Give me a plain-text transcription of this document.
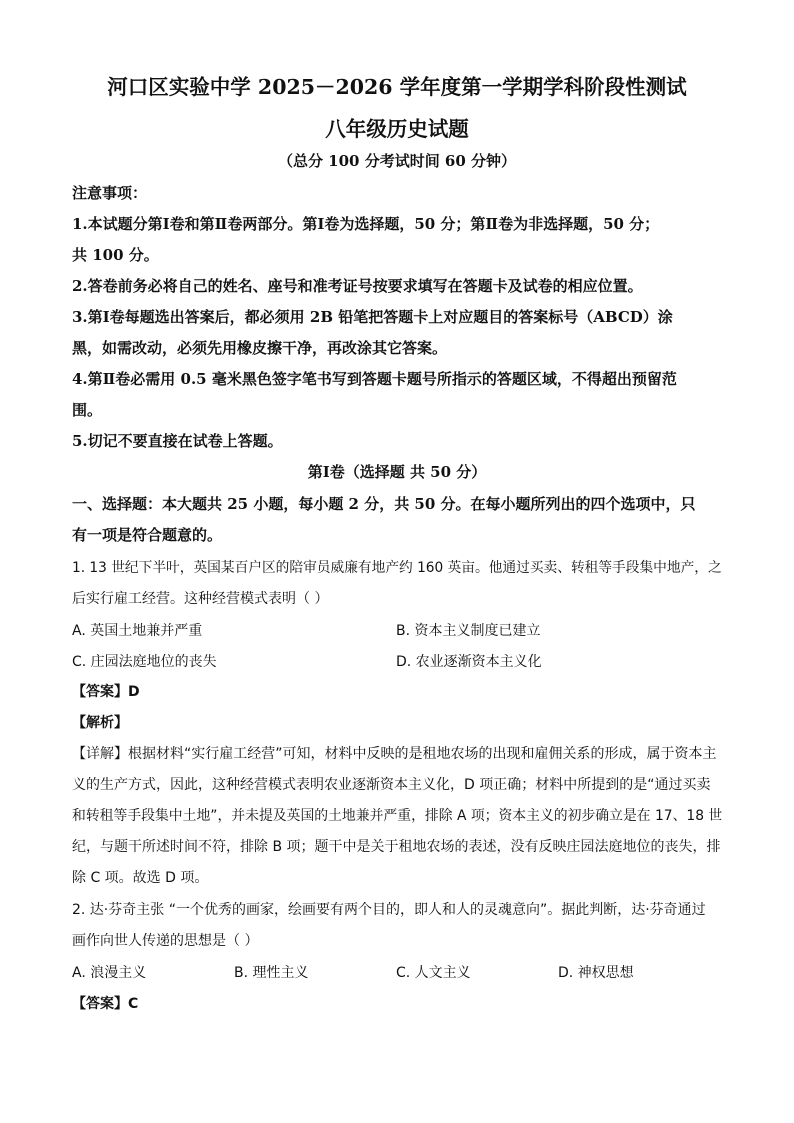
河口区实验中学 2025－2026 学年度第一学期学科阶段性测试
八年级历史试题
（总分 100 分考试时间 60 分钟）
注意事项：
1.本试题分第Ⅰ卷和第Ⅱ卷两部分。第Ⅰ卷为选择题，50 分；第Ⅱ卷为非选择题，50 分；
共 100 分。
2.答卷前务必将自己的姓名、座号和准考证号按要求填写在答题卡及试卷的相应位置。
3.第Ⅰ卷每题选出答案后，都必须用 2B 铅笔把答题卡上对应题目的答案标号（ABCD）涂
黑，如需改动，必须先用橡皮擦干净，再改涂其它答案。
4.第Ⅱ卷必需用 0.5 毫米黑色签字笔书写到答题卡题号所指示的答题区域，不得超出预留范
围。
5.切记不要直接在试卷上答题。
第Ⅰ卷（选择题 共 50 分）
一、选择题：本大题共 25 小题，每小题 2 分，共 50 分。在每小题所列出的四个选项中，只
有一项是符合题意的。
1. 13 世纪下半叶，英国某百户区的陪审员威廉有地产约 160 英亩。他通过买卖、转租等手段集中地产，之
后实行雇工经营。这种经营模式表明（ ）
A. 英国土地兼并严重	B. 资本主义制度已建立
C. 庄园法庭地位的丧失	D. 农业逐渐资本主义化
【答案】D
【解析】
【详解】根据材料“实行雇工经营”可知，材料中反映的是租地农场的出现和雇佣关系的形成，属于资本主
义的生产方式，因此，这种经营模式表明农业逐渐资本主义化，D 项正确；材料中所提到的是“通过买卖
和转租等手段集中土地”，并未提及英国的土地兼并严重，排除 A 项；资本主义的初步确立是在 17、18 世
纪，与题干所述时间不符，排除 B 项；题干中是关于租地农场的表述，没有反映庄园法庭地位的丧失，排
除 C 项。故选 D 项。
2. 达·芬奇主张 “一个优秀的画家，绘画要有两个目的，即人和人的灵魂意向”。据此判断，达·芬奇通过
画作向世人传递的思想是（ ）
A. 浪漫主义	B. 理性主义	C. 人文主义	D. 神权思想
【答案】C
